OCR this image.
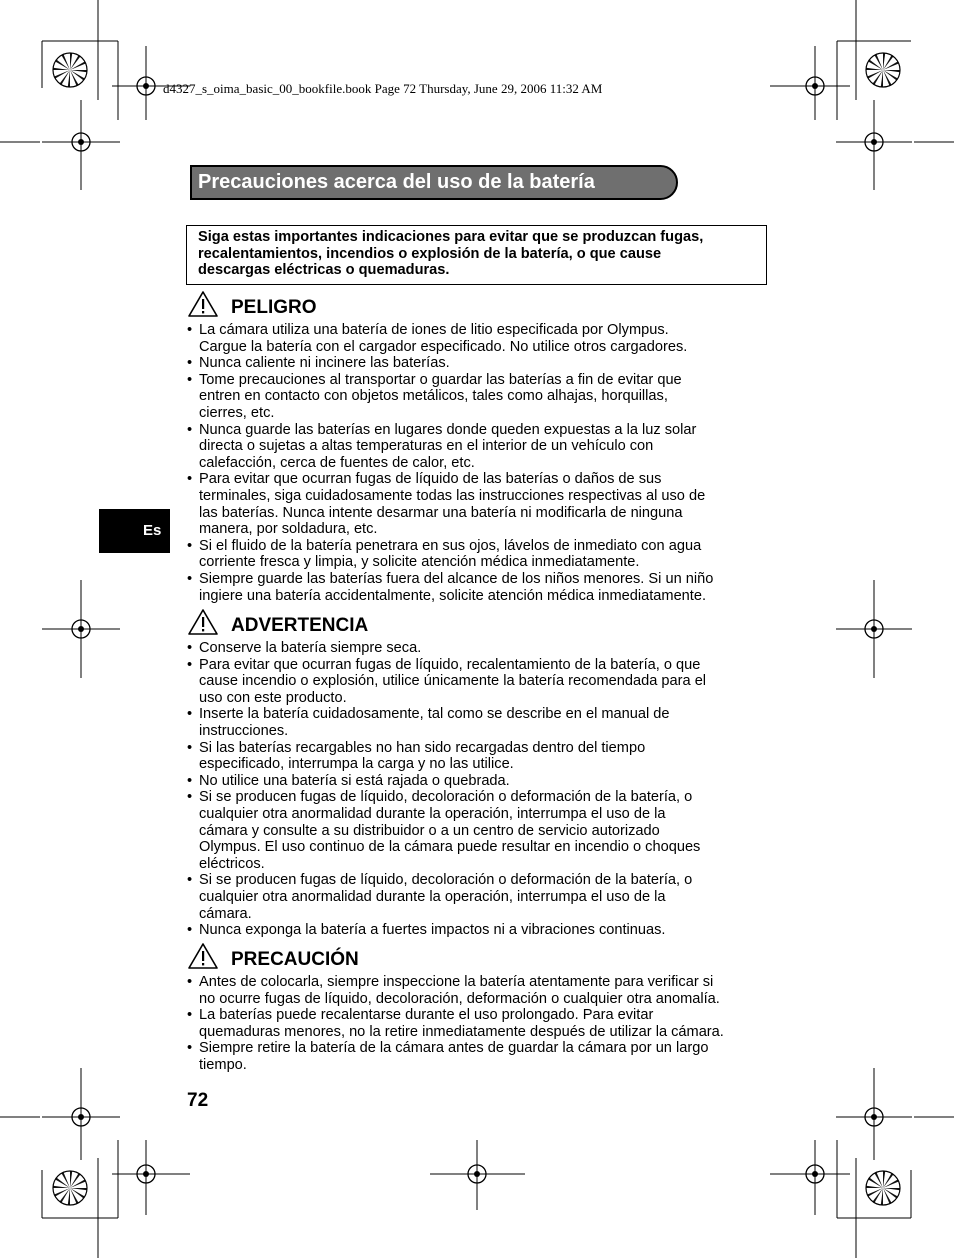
d4327_s_oima_basic_00_bookfile.book Page 72 Thursday, June 29, 2006 11:32 AM
Precauciones acerca del uso de la batería
Siga estas importantes indicaciones para evitar que se produzcan fugas,
recalentamientos, incendios o explosión de la batería, o que cause
descargas eléctricas o quemaduras.
Es
PELIGRO
• La cámara utiliza una batería de iones de litio especificada por Olympus.
Cargue la batería con el cargador especificado. No utilice otros cargadores.
• Nunca caliente ni incinere las baterías.
• Tome precauciones al transportar o guardar las baterías a fin de evitar que
entren en contacto con objetos metálicos, tales como alhajas, horquillas,
cierres, etc.
• Nunca guarde las baterías en lugares donde queden expuestas a la luz solar
directa o sujetas a altas temperaturas en el interior de un vehículo con
calefacción, cerca de fuentes de calor, etc.
• Para evitar que ocurran fugas de líquido de las baterías o daños de sus
terminales, siga cuidadosamente todas las instrucciones respectivas al uso de
las baterías. Nunca intente desarmar una batería ni modificarla de ninguna
manera, por soldadura, etc.
• Si el fluido de la batería penetrara en sus ojos, lávelos de inmediato con agua
corriente fresca y limpia, y solicite atención médica inmediatamente.
• Siempre guarde las baterías fuera del alcance de los niños menores. Si un niño
ingiere una batería accidentalmente, solicite atención médica inmediatamente.
ADVERTENCIA
• Conserve la batería siempre seca.
• Para evitar que ocurran fugas de líquido, recalentamiento de la batería, o que
cause incendio o explosión, utilice únicamente la batería recomendada para el
uso con este producto.
• Inserte la batería cuidadosamente, tal como se describe en el manual de
instrucciones.
• Si las baterías recargables no han sido recargadas dentro del tiempo
especificado, interrumpa la carga y no las utilice.
• No utilice una batería si está rajada o quebrada.
• Si se producen fugas de líquido, decoloración o deformación de la batería, o
cualquier otra anormalidad durante la operación, interrumpa el uso de la
cámara y consulte a su distribuidor o a un centro de servicio autorizado
Olympus. El uso continuo de la cámara puede resultar en incendio o choques
eléctricos.
• Si se producen fugas de líquido, decoloración o deformación de la batería, o
cualquier otra anormalidad durante la operación, interrumpa el uso de la
cámara.
• Nunca exponga la batería a fuertes impactos ni a vibraciones continuas.
PRECAUCIÓN
• Antes de colocarla, siempre inspeccione la batería atentamente para verificar si
no ocurre fugas de líquido, decoloración, deformación o cualquier otra anomalía.
• La baterías puede recalentarse durante el uso prolongado. Para evitar
quemaduras menores, no la retire inmediatamente después de utilizar la cámara.
• Siempre retire la batería de la cámara antes de guardar la cámara por un largo
tiempo.
72
